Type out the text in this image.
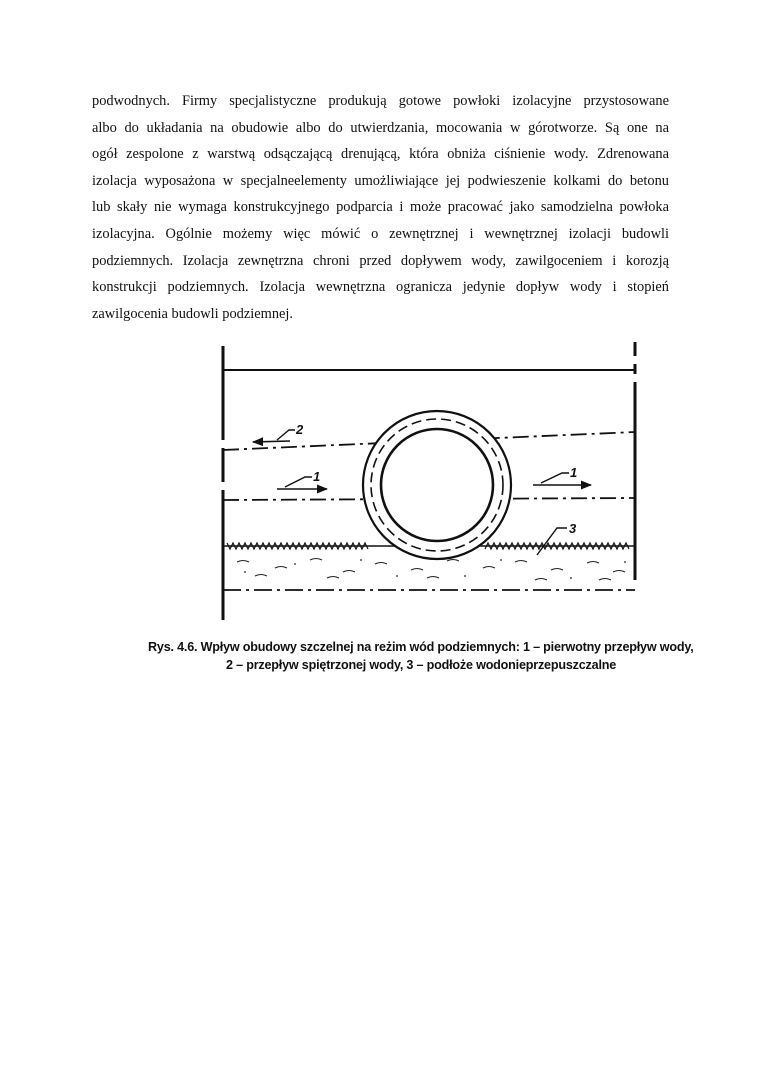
podwodnych. Firmy specjalistyczne produkują gotowe powłoki izolacyjne przystosowane
albo do układania na obudowie albo do utwierdzania, mocowania w górotworze. Są one na
ogół zespolone z warstwą odsączającą drenującą, która obniża ciśnienie wody. Zdrenowana
izolacja wyposażona w specjalneelementy umożliwiające jej podwieszenie kolkami do betonu
lub skały nie wymaga konstrukcyjnego podparcia i może pracować jako samodzielna powłoka
izolacyjna. Ogólnie możemy więc mówić o zewnętrznej i wewnętrznej izolacji budowli
podziemnych. Izolacja zewnętrzna chroni przed dopływem wody, zawilgoceniem i korozją
konstrukcji podziemnych. Izolacja wewnętrzna ogranicza jedynie dopływ wody i stopień
zawilgocenia budowli podziemnej.
2
1	1
3
Rys. 4.6. Wpływ obudowy szczelnej na reżim wód podziemnych: 1 – pierwotny przepływ wody,
2 – przepływ spiętrzonej wody, 3 – podłoże wodonieprzepuszczalne
